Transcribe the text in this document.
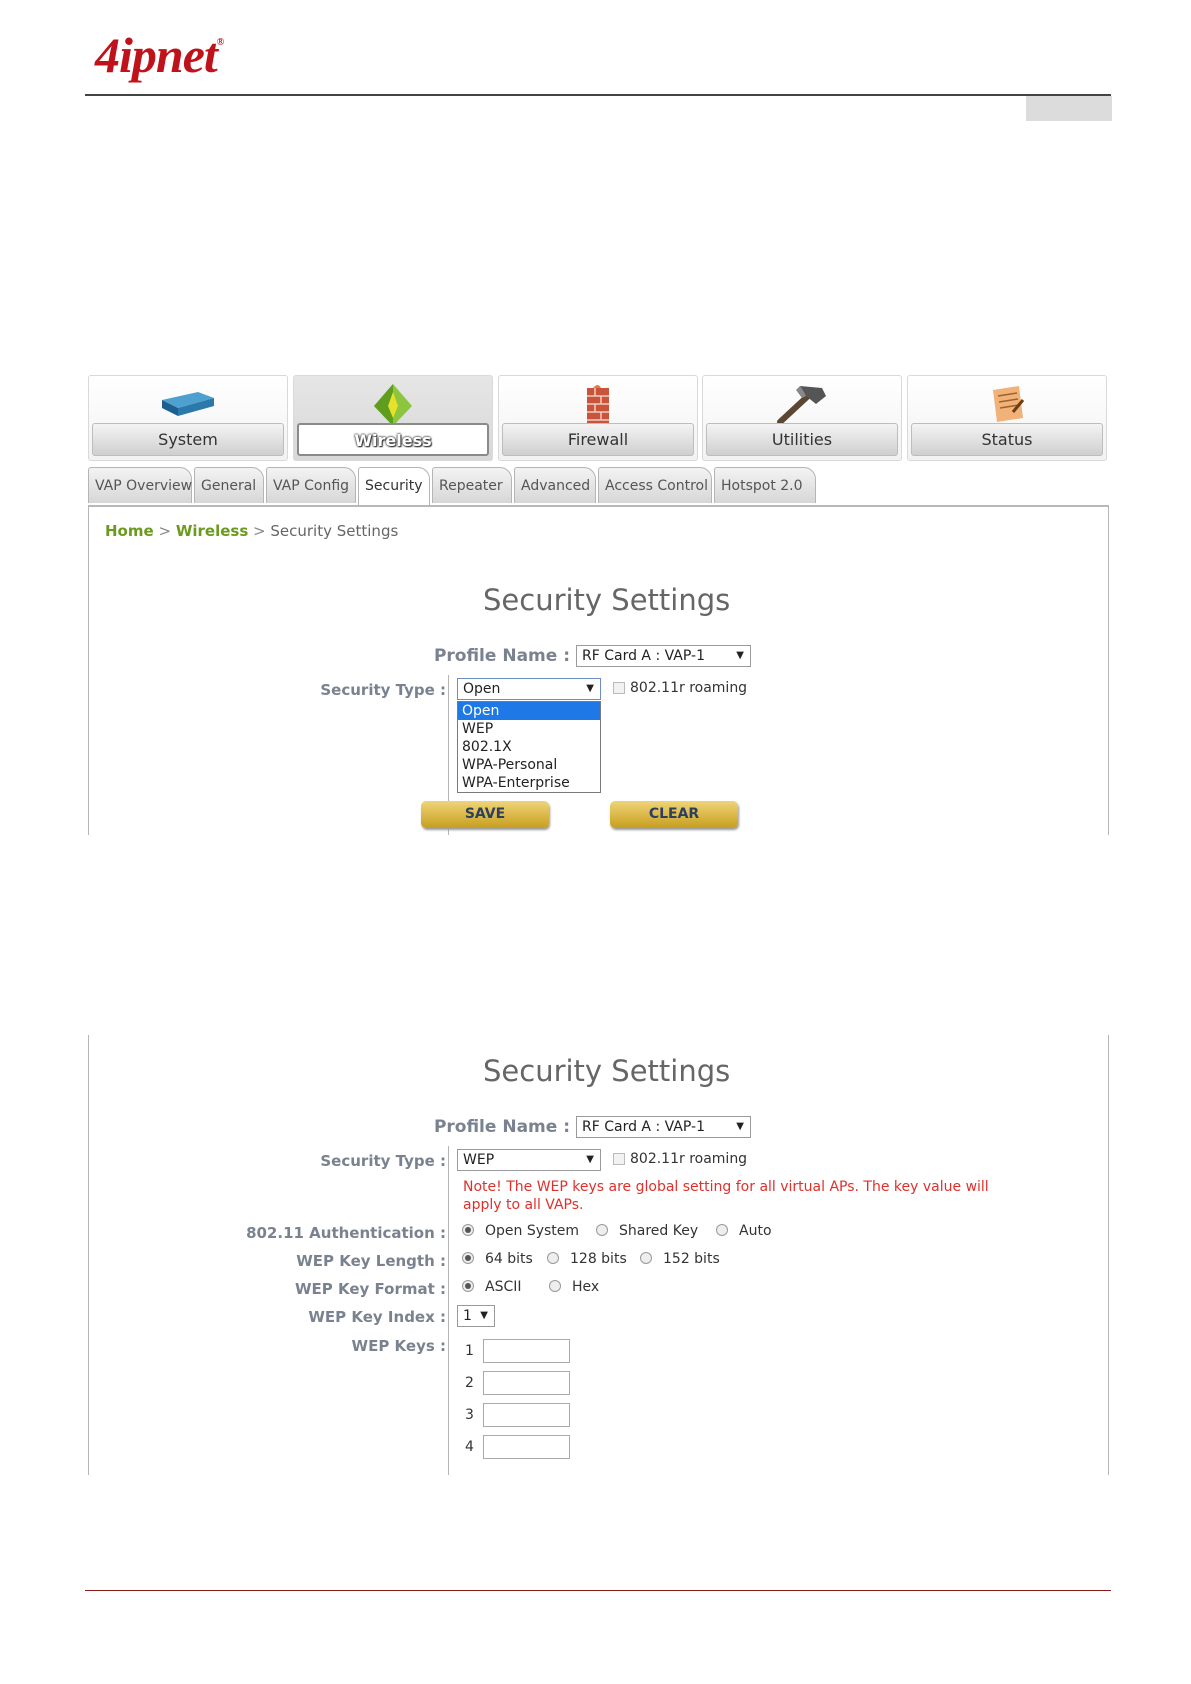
4ipnet®
System	Wireless	Firewall	Utilities	Status
VAP Overview General	VAP Config	Security	Repeater	Advanced	Access Control Hotspot 2.0
Home > Wireless > Security Settings
Security Settings
Profile Name : RF Card A : VAP-1	▼
Security Type :	Open	▼	802.11r roaming
Open
WEP
802.1X
WPA-Personal
WPA-Enterprise
SAVE	CLEAR
Security Settings
Profile Name : RF Card A : VAP-1	▼
Security Type :	WEP	▼	802.11r roaming
Note! The WEP keys are global setting for all virtual APs. The key value will
apply to all VAPs.
802.11 Authentication :	Open System	Shared Key	Auto
WEP Key Length :	64 bits	128 bits	152 bits
WEP Key Format :	ASCII	Hex
WEP Key Index :	1 ▼
WEP Keys : 1
2
3
4
